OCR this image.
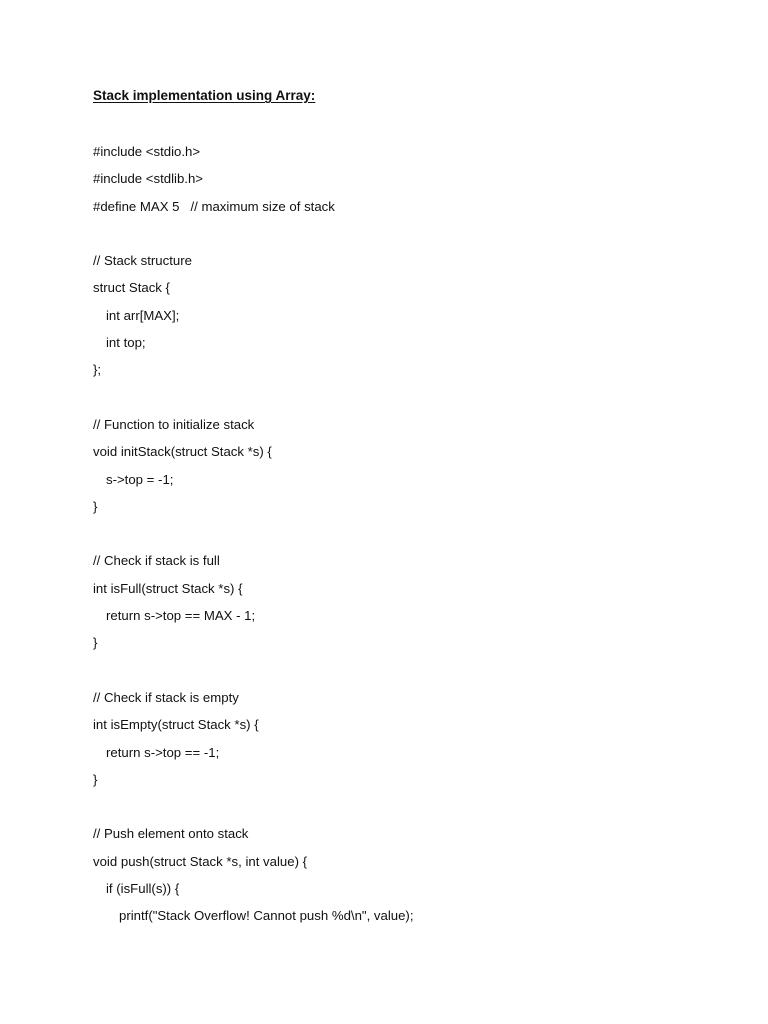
Stack implementation using Array:
#include <stdio.h>
#include <stdlib.h>
#define MAX 5   // maximum size of stack
// Stack structure
struct Stack {
int arr[MAX];
int top;
};
// Function to initialize stack
void initStack(struct Stack *s) {
s->top = -1;
}
// Check if stack is full
int isFull(struct Stack *s) {
return s->top == MAX - 1;
}
// Check if stack is empty
int isEmpty(struct Stack *s) {
return s->top == -1;
}
// Push element onto stack
void push(struct Stack *s, int value) {
if (isFull(s)) {
printf("Stack Overflow! Cannot push %d\n", value);
